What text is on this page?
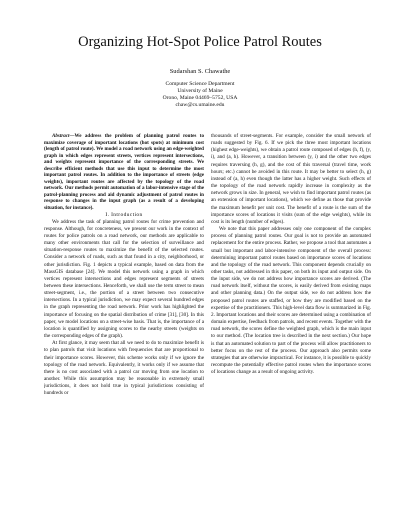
Organizing Hot-Spot Police Patrol Routes
Sudarshan S. Chawathe
Computer Science Department
University of Maine
Orono, Maine 04469–5752, USA
chaw@cs.umaine.edu

Abstract—We address the problem of planning patrol routes to maximize coverage of important locations (hot spots) at minimum cost (length of patrol route). We model a road network using an edge-weighted graph in which edges represent streets, vertices represent intersections, and weights represent importance of the corresponding streets. We describe efficient methods that use this input to determine the most important patrol routes. In addition to the importance of streets (edge weights), important routes are affected by the topology of the road network. Our methods permit automation of a labor-intensive stage of the patrol-planning process and aid dynamic adjustment of patrol routes in response to changes in the input graph (as a result of a developing situation, for instance).

I. Introduction

We address the task of planning patrol routes for crime prevention and response. Although, for concreteness, we present our work in the context of routes for police patrols on a road network, our methods are applicable to many other environments that call for the selection of surveillance and situation-response routes to maximize the benefit of the selected routes. Consider a network of roads, such as that found in a city, neighborhood, or other jurisdiction. Fig. 1 depicts a typical example, based on data from the MassGIS database [24]. We model this network using a graph in which vertices represent intersections and edges represent segments of streets between these intersections. Henceforth, we shall use the term street to mean street-segment, i.e., the portion of a street between two consecutive intersections. In a typical jurisdiction, we may expect several hundred edges in the graph representing the road network. Prior work has highlighted the importance of focusing on the spatial distribution of crime [31], [30]. In this paper, we model locations on a street-wise basis. That is, the importance of a location is quantified by assigning scores to the nearby streets (weights on the corresponding edges of the graph).

At first glance, it may seem that all we need to do to maximize benefit is to plan patrols that visit locations with frequencies that are proportional to their importance scores. However, this scheme works only if we ignore the topology of the road network. Equivalently, it works only if we assume that there is no cost associated with a patrol car moving from one location to another. While this assumption may be reasonable in extremely small jurisdictions, it does not hold true in typical jurisdictions consisting of hundreds or

thousands of street-segments. For example, consider the small network of roads suggested by Fig. 6. If we pick the three most important locations (highest edge-weights), we obtain a patrol route composed of edges (h, f), (y, i), and (a, h). However, a transition between (y, i) and the other two edges requires traversing (h, g), and the cost of this traversal (travel time, work hours; etc.) cannot be avoided in this route. It may be better to select (h, g) instead of (a, h) even though the latter has a higher weight. Such effects of the topology of the road network rapidly increase in complexity as the network grows in size. In general, we wish to find important patrol routes (as an extension of important locations), which we define as those that provide the maximum benefit per unit cost. The benefit of a route is the sum of the importance scores of locations it visits (sum of the edge weights), while its cost is its length (number of edges).

We note that this paper addresses only one component of the complex process of planning patrol routes. Our goal is not to provide an automated replacement for the entire process. Rather, we propose a tool that automates a small but important and labor-intensive component of the overall process: determining important patrol routes based on importance scores of locations and the topology of the road network. This component depends crucially on other tasks, not addressed in this paper, on both its input and output side. On the input side, we do not address how importance scores are derived. (The road network itself, without the scores, is easily derived from existing maps and other planning data.) On the output side, we do not address how the proposed patrol routes are staffed, or how they are modified based on the expertise of the practitioners. This high-level data flow is summarized in Fig. 2. Important locations and their scores are determined using a combination of domain expertise, feedback from patrols, and recent events. Together with the road network, the scores define the weighted graph, which is the main input to our method. (The location tree is described in the next section.) Our hope is that an automated solution to part of the process will allow practitioners to better focus on the rest of the process. Our approach also permits some strategies that are otherwise impractical. For instance, it is possible to quickly recompute the potentially effective patrol routes when the importance scores of locations change as a result of ongoing activity.
